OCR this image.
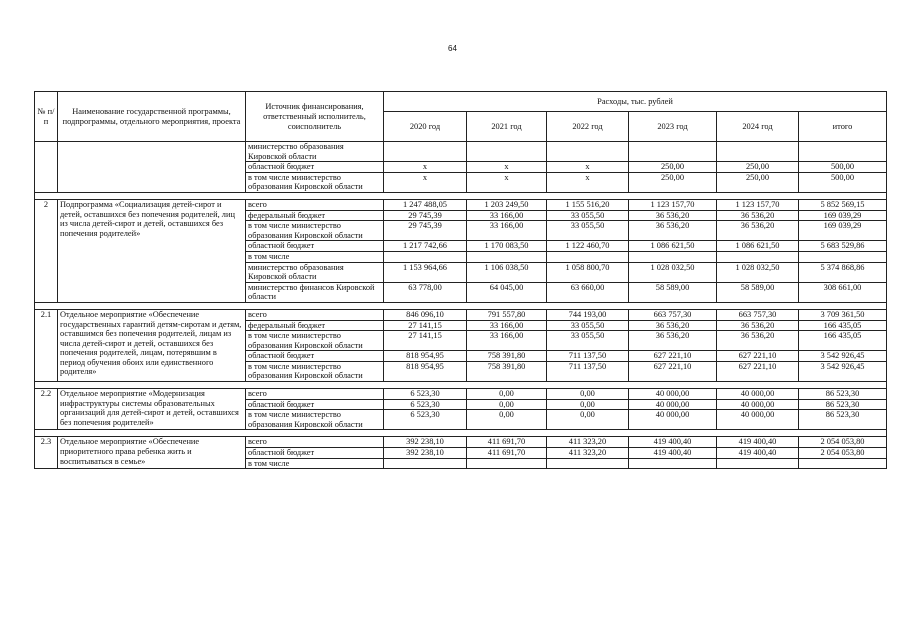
64
№ п/п	Наименование государственной программы, подпрограммы, отдельного мероприятия, проекта	Источник финансирования, ответственный исполнитель, соисполнитель	Расходы, тыс. рублей					
			2020 год	2021 год	2022 год	2023 год	2024 год	итого
		министерство образования Кировской области						
		областной бюджет	х	х	х	250,00	250,00	500,00
		в том числе министерство образования Кировской области	х	х	х	250,00	250,00	500,00

2	Подпрограмма «Социализация детей-сирот и детей, оставшихся без попечения родителей, лиц из числа детей-сирот и детей, оставшихся без попечения родителей»	всего	1 247 488,05	1 203 249,50	1 155 516,20	1 123 157,70	1 123 157,70	5 852 569,15
		федеральный бюджет	29 745,39	33 166,00	33 055,50	36 536,20	36 536,20	169 039,29
		в том числе министерство образования Кировской области	29 745,39	33 166,00	33 055,50	36 536,20	36 536,20	169 039,29
		областной бюджет	1 217 742,66	1 170 083,50	1 122 460,70	1 086 621,50	1 086 621,50	5 683 529,86
		в том числе						
		министерство образования Кировской области	1 153 964,66	1 106 038,50	1 058 800,70	1 028 032,50	1 028 032,50	5 374 868,86
		министерство финансов Кировской области	63 778,00	64 045,00	63 660,00	58 589,00	58 589,00	308 661,00

2.1	Отдельное мероприятие «Обеспечение государственных гарантий детям-сиротам и детям, оставшимся без попечения родителей, лицам из числа детей-сирот и детей, оставшихся без попечения родителей, лицам, потерявшим в период обучения обоих или единственного родителя»	всего	846 096,10	791 557,80	744 193,00	663 757,30	663 757,30	3 709 361,50
		федеральный бюджет	27 141,15	33 166,00	33 055,50	36 536,20	36 536,20	166 435,05
		в том числе министерство образования Кировской области	27 141,15	33 166,00	33 055,50	36 536,20	36 536,20	166 435,05
		областной бюджет	818 954,95	758 391,80	711 137,50	627 221,10	627 221,10	3 542 926,45
		в том числе министерство образования Кировской области	818 954,95	758 391,80	711 137,50	627 221,10	627 221,10	3 542 926,45

2.2	Отдельное мероприятие «Модернизация инфраструктуры системы образовательных организаций для детей-сирот и детей, оставшихся без попечения родителей»	всего	6 523,30	0,00	0,00	40 000,00	40 000,00	86 523,30
		областной бюджет	6 523,30	0,00	0,00	40 000,00	40 000,00	86 523,30
		в том числе министерство образования Кировской области	6 523,30	0,00	0,00	40 000,00	40 000,00	86 523,30

2.3	Отдельное мероприятие «Обеспечение приоритетного права ребенка жить и воспитываться в семье»	всего	392 238,10	411 691,70	411 323,20	419 400,40	419 400,40	2 054 053,80
		областной бюджет	392 238,10	411 691,70	411 323,20	419 400,40	419 400,40	2 054 053,80
		в том числе						
